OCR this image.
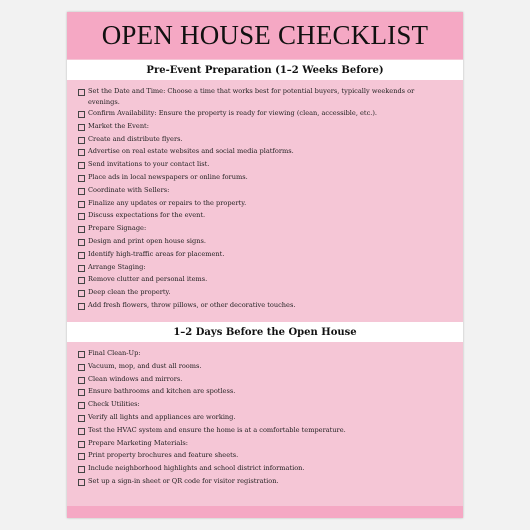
OPEN HOUSE CHECKLIST
Pre-Event Preparation (1–2 Weeks Before)
Set the Date and Time: Choose a time that works best for potential buyers, typically weekends or evenings.
Confirm Availability: Ensure the property is ready for viewing (clean, accessible, etc.).
Market the Event:
Create and distribute flyers.
Advertise on real estate websites and social media platforms.
Send invitations to your contact list.
Place ads in local newspapers or online forums.
Coordinate with Sellers:
Finalize any updates or repairs to the property.
Discuss expectations for the event.
Prepare Signage:
Design and print open house signs.
Identify high-traffic areas for placement.
Arrange Staging:
Remove clutter and personal items.
Deep clean the property.
Add fresh flowers, throw pillows, or other decorative touches.
1–2 Days Before the Open House
Final Clean-Up:
Vacuum, mop, and dust all rooms.
Clean windows and mirrors.
Ensure bathrooms and kitchen are spotless.
Check Utilities:
Verify all lights and appliances are working.
Test the HVAC system and ensure the home is at a comfortable temperature.
Prepare Marketing Materials:
Print property brochures and feature sheets.
Include neighborhood highlights and school district information.
Set up a sign-in sheet or QR code for visitor registration.
